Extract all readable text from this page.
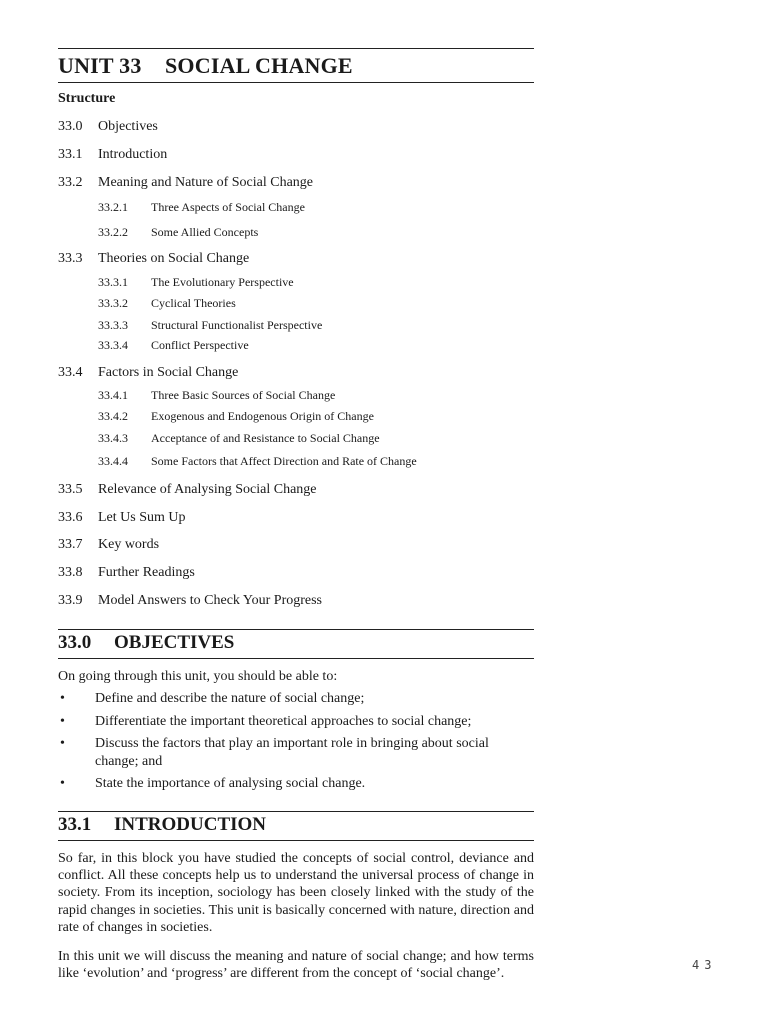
UNIT 33 SOCIAL CHANGE
Structure
33.0 Objectives
33.1 Introduction
33.2 Meaning and Nature of Social Change
33.2.1 Three Aspects of Social Change
33.2.2 Some Allied Concepts
33.3 Theories on Social Change
33.3.1 The Evolutionary Perspective
33.3.2 Cyclical Theories
33.3.3 Structural Functionalist Perspective
33.3.4 Conflict Perspective
33.4 Factors in Social Change
33.4.1 Three Basic Sources of Social Change
33.4.2 Exogenous and Endogenous Origin of Change
33.4.3 Acceptance of and Resistance to Social Change
33.4.4 Some Factors that Affect Direction and Rate of Change
33.5 Relevance of Analysing Social Change
33.6 Let Us Sum Up
33.7 Key words
33.8 Further Readings
33.9 Model Answers to Check Your Progress
33.0 OBJECTIVES
On going through this unit, you should be able to:
• Define and describe the nature of social change;
• Differentiate the important theoretical approaches to social change;
• Discuss the factors that play an important role in bringing about social change; and
• State the importance of analysing social change.
33.1 INTRODUCTION
So far, in this block you have studied the concepts of social control, deviance and conflict. All these concepts help us to understand the universal process of change in society. From its inception, sociology has been closely linked with the study of the rapid changes in societies. This unit is basically concerned with nature, direction and rate of changes in societies.
In this unit we will discuss the meaning and nature of social change; and how terms like ‘evolution’ and ‘progress’ are different from the concept of ‘social change’.
43
